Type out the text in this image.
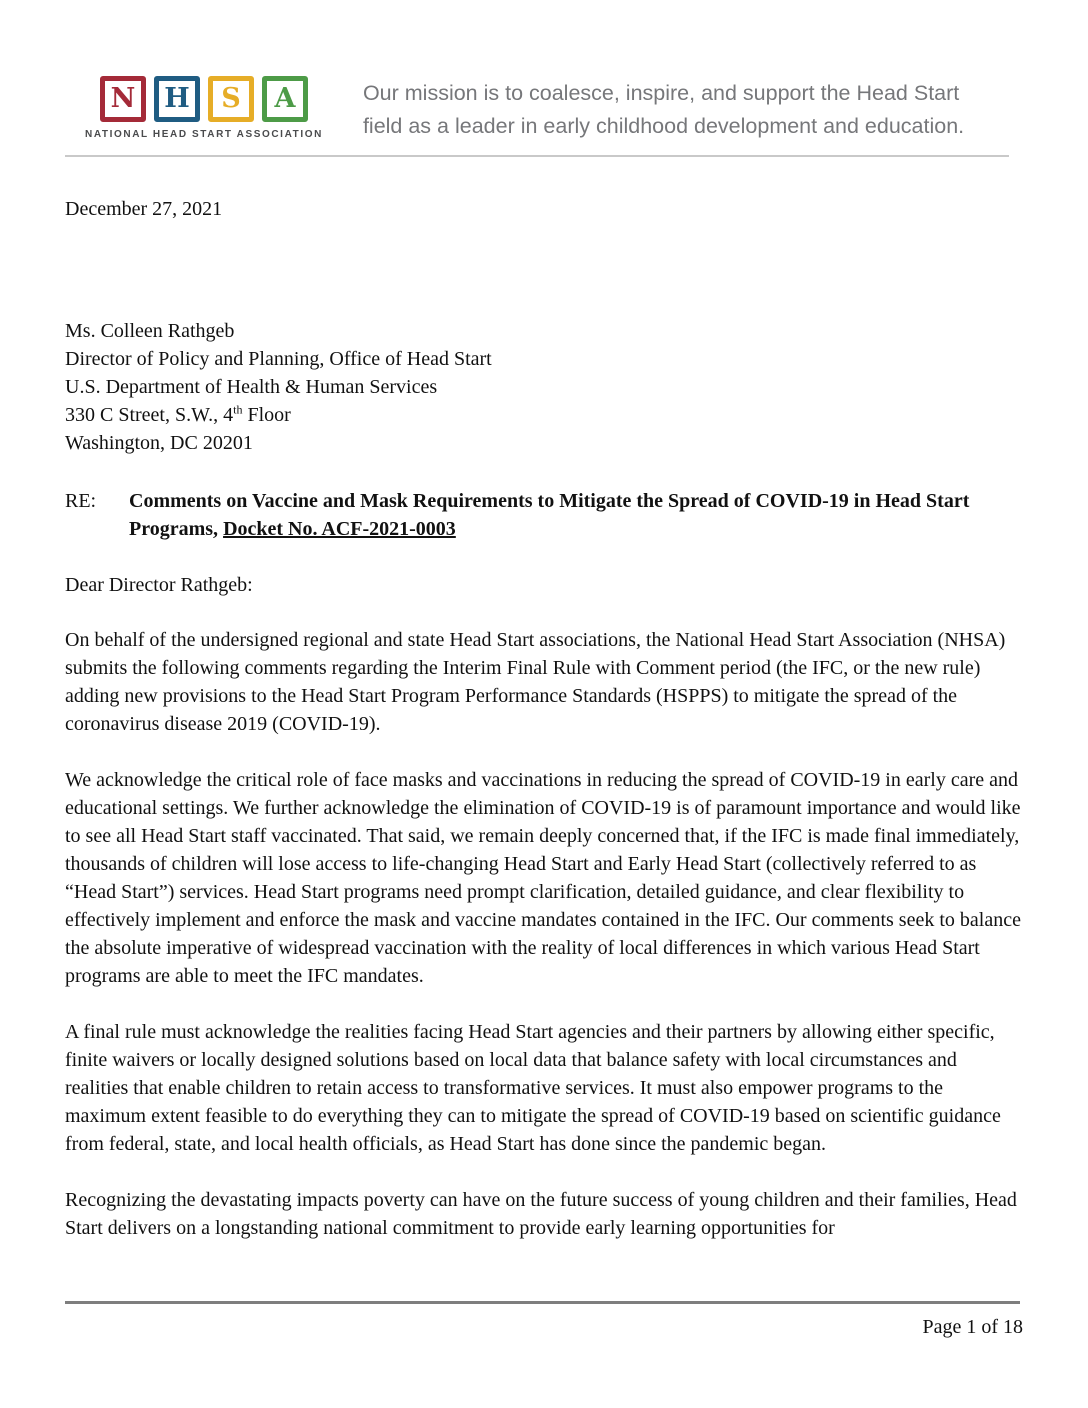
N	H	S	A
NATIONAL HEAD START ASSOCIATION
Our mission is to coalesce, inspire, and support the Head Start
field as a leader in early childhood development and education.

December 27, 2021

Ms. Colleen Rathgeb
Director of Policy and Planning, Office of Head Start
U.S. Department of Health & Human Services
330 C Street, S.W., 4th Floor
Washington, DC 20201
RE:	Comments on Vaccine and Mask Requirements to Mitigate the Spread of COVID-19 in Head Start Programs, Docket No. ACF-2021-0003

Dear Director Rathgeb:

On behalf of the undersigned regional and state Head Start associations, the National Head Start Association (NHSA) submits the following comments regarding the Interim Final Rule with Comment period (the IFC, or the new rule) adding new provisions to the Head Start Program Performance Standards (HSPPS) to mitigate the spread of the coronavirus disease 2019 (COVID-19).

We acknowledge the critical role of face masks and vaccinations in reducing the spread of COVID-19 in early care and educational settings. We further acknowledge the elimination of COVID-19 is of paramount importance and would like to see all Head Start staff vaccinated. That said, we remain deeply concerned that, if the IFC is made final immediately, thousands of children will lose access to life-changing Head Start and Early Head Start (collectively referred to as “Head Start”) services. Head Start programs need prompt clarification, detailed guidance, and clear flexibility to effectively implement and enforce the mask and vaccine mandates contained in the IFC. Our comments seek to balance the absolute imperative of widespread vaccination with the reality of local differences in which various Head Start programs are able to meet the IFC mandates.

A final rule must acknowledge the realities facing Head Start agencies and their partners by allowing either specific, finite waivers or locally designed solutions based on local data that balance safety with local circumstances and realities that enable children to retain access to transformative services. It must also empower programs to the maximum extent feasible to do everything they can to mitigate the spread of COVID-19 based on scientific guidance from federal, state, and local health officials, as Head Start has done since the pandemic began.

Recognizing the devastating impacts poverty can have on the future success of young children and their families, Head Start delivers on a longstanding national commitment to provide early learning opportunities for

Page 1 of 18
